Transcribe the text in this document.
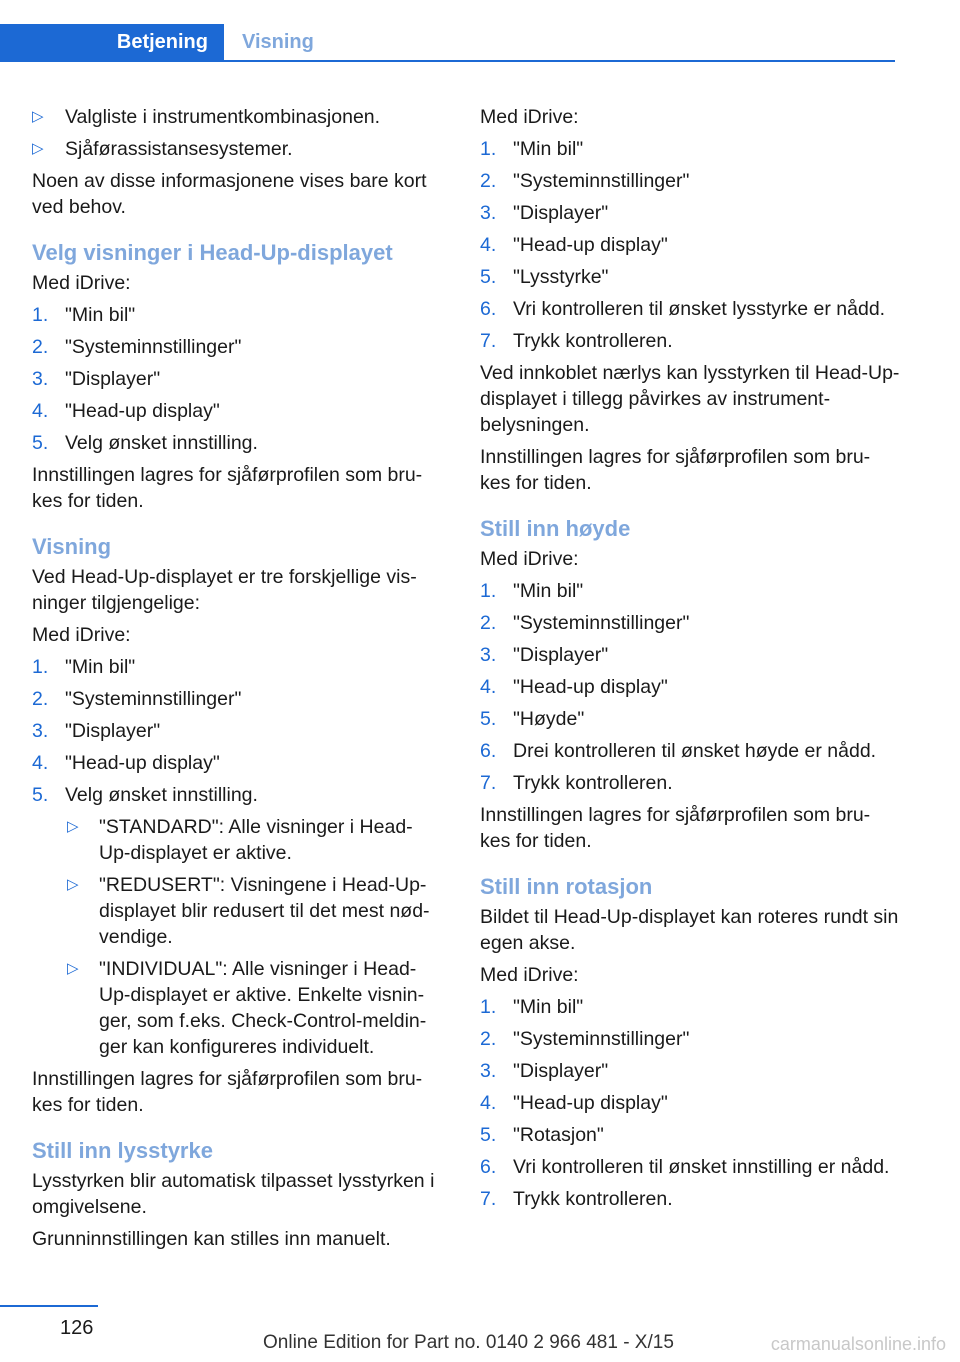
Betjening	Visning
▷ Valgliste i instrumentkombinasjonen.
▷ Sjåførassistansesystemer.

Noen av disse informasjonene vises bare kort ved behov.

Velg visninger i Head-Up-displayet

Med iDrive:

1. "Min bil"
2. "Systeminnstillinger"
3. "Displayer"
4. "Head-up display"
5. Velg ønsket innstilling.

Innstillingen lagres for sjåførprofilen som bru-kes for tiden.

Visning

Ved Head-Up-displayet er tre forskjellige vis-ninger tilgjengelige:

Med iDrive:

1. "Min bil"
2. "Systeminnstillinger"
3. "Displayer"
4. "Head-up display"
5. Velg ønsket innstilling.
▷ "STANDARD": Alle visninger i Head-Up-displayet er aktive.
▷ "REDUSERT": Visningene i Head-Up-displayet blir redusert til det mest nød-vendige.
▷ "INDIVIDUAL": Alle visninger i Head-Up-displayet er aktive. Enkelte visnin-ger, som f.eks. Check-Control-meldin-ger kan konfigureres individuelt.

Innstillingen lagres for sjåførprofilen som bru-kes for tiden.

Still inn lysstyrke

Lysstyrken blir automatisk tilpasset lysstyrken i omgivelsene.

Grunninnstillingen kan stilles inn manuelt.

Med iDrive:

1. "Min bil"
2. "Systeminnstillinger"
3. "Displayer"
4. "Head-up display"
5. "Lysstyrke"
6. Vri kontrolleren til ønsket lysstyrke er nådd.
7. Trykk kontrolleren.

Ved innkoblet nærlys kan lysstyrken til Head-Up-displayet i tillegg påvirkes av instrument-belysningen.

Innstillingen lagres for sjåførprofilen som bru-kes for tiden.

Still inn høyde

Med iDrive:

1. "Min bil"
2. "Systeminnstillinger"
3. "Displayer"
4. "Head-up display"
5. "Høyde"
6. Drei kontrolleren til ønsket høyde er nådd.
7. Trykk kontrolleren.

Innstillingen lagres for sjåførprofilen som bru-kes for tiden.

Still inn rotasjon

Bildet til Head-Up-displayet kan roteres rundt sin egen akse.

Med iDrive:

1. "Min bil"
2. "Systeminnstillinger"
3. "Displayer"
4. "Head-up display"
5. "Rotasjon"
6. Vri kontrolleren til ønsket innstilling er nådd.
7. Trykk kontrolleren.
126
Online Edition for Part no. 0140 2 966 481 - X/15	carmanualsonline.info
